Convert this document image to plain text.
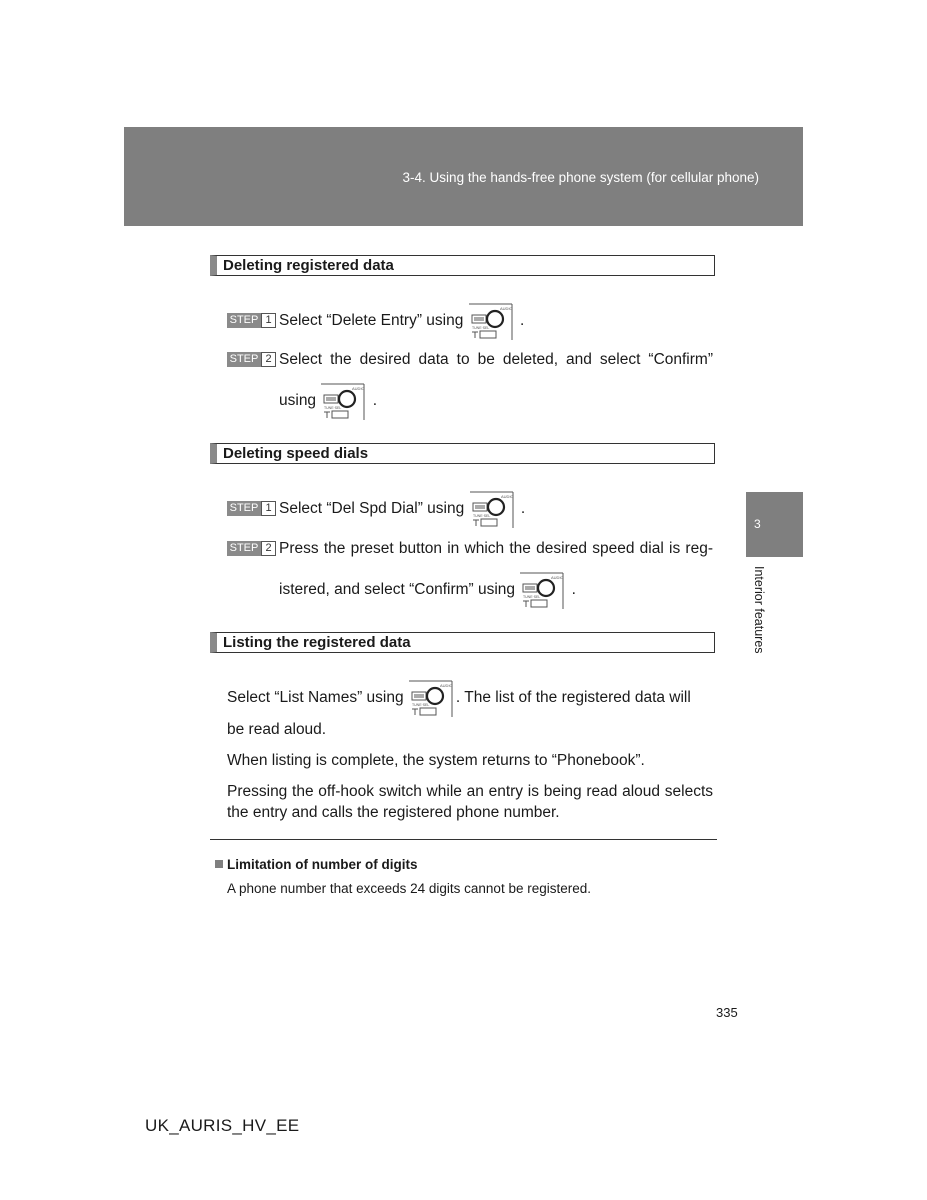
3-4. Using the hands-free phone system (for cellular phone)
3
Interior features
Deleting registered data
STEP 1 Select “Delete Entry” using
AUDIO
TUNE·SEL .
STEP 2 Select the desired data to be deleted, and select “Confirm”
using
AUDIO
TUNE·SEL .
Deleting speed dials
STEP 1 Select “Del Spd Dial” using
AUDIO
TUNE·SEL .
STEP 2 Press the preset button in which the desired speed dial is reg-
istered, and select “Confirm” using
AUDIO
TUNE·SEL .
Listing the registered data
Select “List Names” using
AUDIO
TUNE·SEL . The list of the registered data will
be read aloud.
When listing is complete, the system returns to “Phonebook”.
Pressing the off-hook switch while an entry is being read aloud selects the entry and calls the registered phone number.
Limitation of number of digits
A phone number that exceeds 24 digits cannot be registered.
335
UK_AURIS_HV_EE
